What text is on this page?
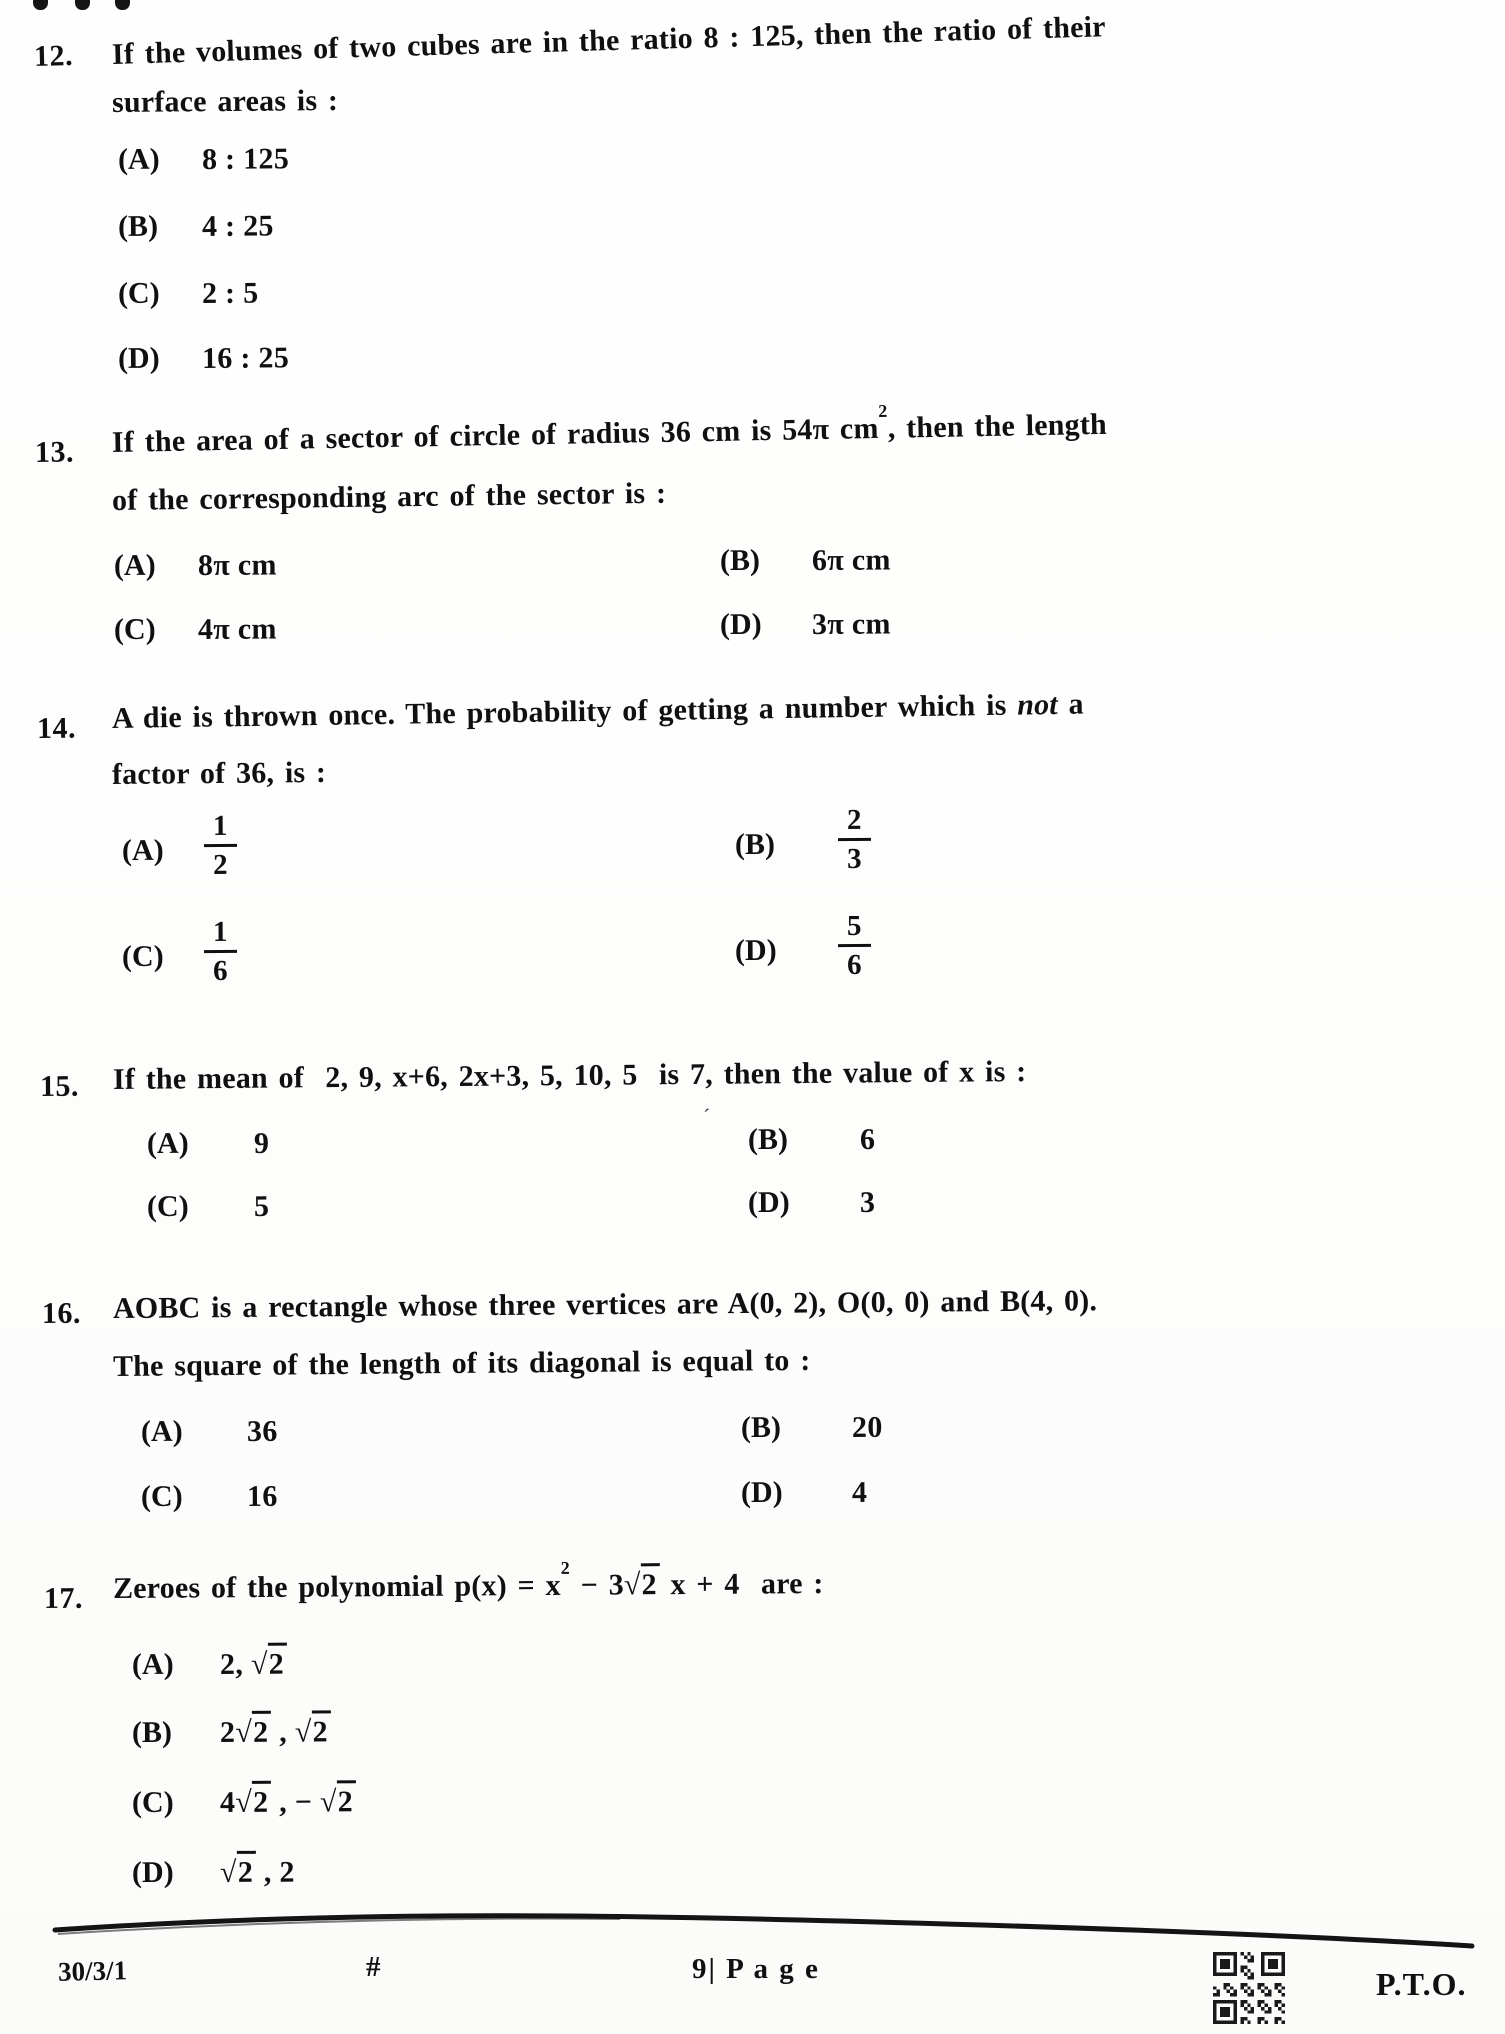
´
12. If the volumes of two cubes are in the ratio 8 : 125, then the ratio of their
surface areas is :
(A) 8 : 125
(B) 4 : 25
(C) 2 : 5
(D) 16 : 25
13. If the area of a sector of circle of radius 36 cm is 54π $cm^2$, then the length
of the corresponding arc of the sector is :
(A) 8π cm	(B) 6π cm
(C) 4π cm	(D) 3π cm
14. A die is thrown once. The probability of getting a number which is not a
factor of 36, is :
$(A) \frac{1}{2}$	$(B) \frac{2}{3}$
$(C) \frac{1}{6}$	$(D) \frac{5}{6}$
15. If the mean of  2, 9, x+6, 2x+3, 5, 10, 5  is 7, then the value of x is :
(A) 9	(B) 6
(C) 5	(D) 3
16. AOBC is a rectangle whose three vertices are A(0, 2), O(0, 0) and B(4, 0).
The square of the length of its diagonal is equal to :
(A) 36	(B) 20
(C) 16	(D) 4
17. Zeroes of the polynomial $p(x) = x^2 - 3√2$ x + 4  are :
(A) 2, √2
(B) 2√2 , √2
(C) 4√2 , − √2
(D) √2 , 2
30/3/1	#	9| P a g e	P.T.O.
